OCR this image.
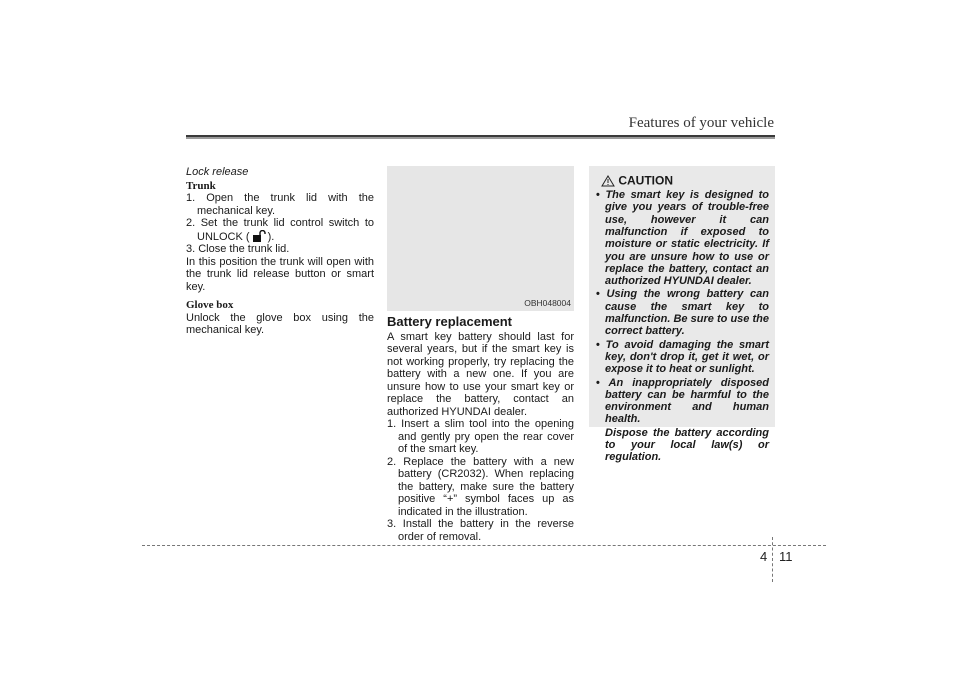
Features of your vehicle
Lock release
Trunk

1. Open the trunk lid with the mechanical key.

2. Set the trunk lid control switch to UNLOCK ( ).

3. Close the trunk lid.

In this position the trunk will open with the trunk lid release button or smart key.

Glove box

Unlock the glove box using the mechanical key.

OBH048004
Battery replacement

A smart key battery should last for several years, but if the smart key is not working properly, try replacing the battery with a new one. If you are unsure how to use your smart key or replace the battery, contact an authorized HYUNDAI dealer.

1. Insert a slim tool into the opening and gently pry open the rear cover of the smart key.

2. Replace the battery with a new battery (CR2032). When replacing the battery, make sure the battery positive “+” symbol faces up as indicated in the illustration.

3. Install the battery in the reverse order of removal.

CAUTION

• The smart key is designed to give you years of trouble-free use, however it can malfunction if exposed to moisture or static electricity. If you are unsure how to use or replace the battery, contact an authorized HYUNDAI dealer.

• Using the wrong battery can cause the smart key to malfunction. Be sure to use the correct battery.

• To avoid damaging the smart key, don't drop it, get it wet, or expose it to heat or sunlight.

• An inappropriately disposed battery can be harmful to the environment and human health.

Dispose the battery according to your local law(s) or regulation.

4 11
